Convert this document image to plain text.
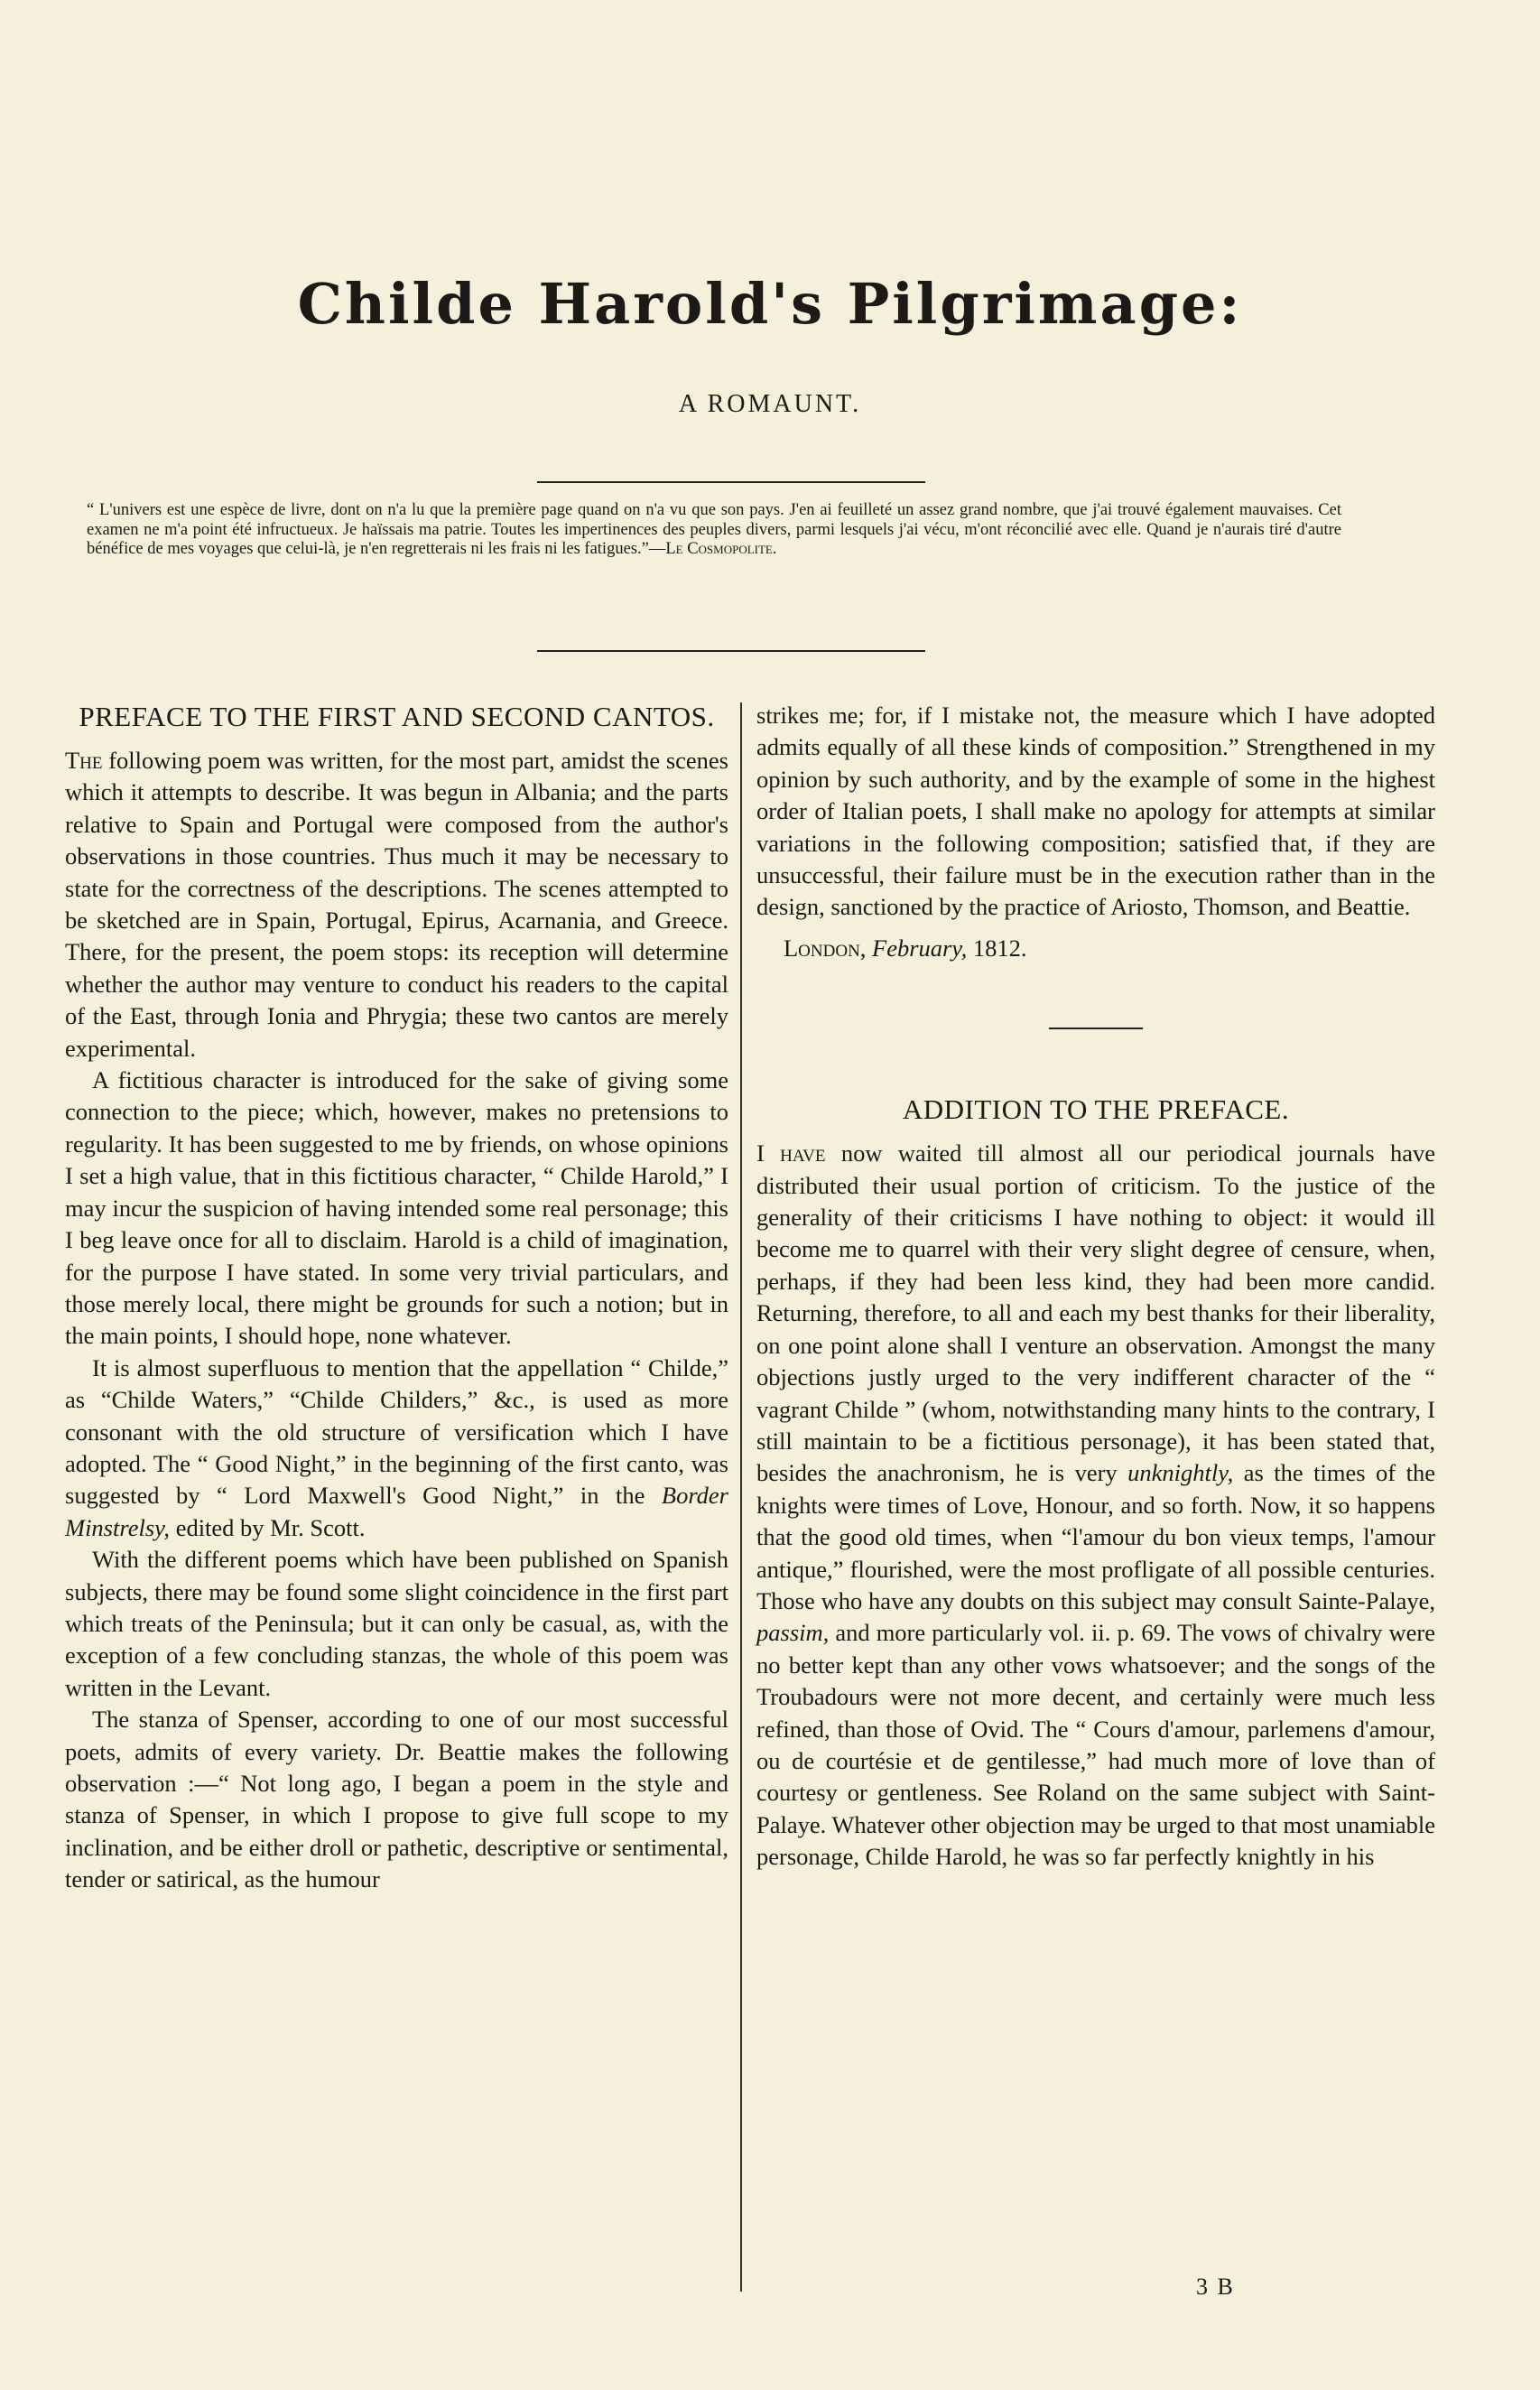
Childe Harold's Pilgrimage:

A ROMAUNT.

“ L'univers est une espèce de livre, dont on n'a lu que la première page quand on n'a vu que son pays. J'en ai feuilleté un assez grand nombre, que j'ai trouvé également mauvaises. Cet examen ne m'a point été infructueux. Je haïssais ma patrie. Toutes les impertinences des peuples divers, parmi lesquels j'ai vécu, m'ont réconcilié avec elle. Quand je n'aurais tiré d'autre bénéfice de mes voyages que celui-là, je n'en regretterais ni les frais ni les fatigues.”—Le Cosmopolite.

PREFACE TO THE FIRST AND SECOND CANTOS.

The following poem was written, for the most part, amidst the scenes which it attempts to describe. It was begun in Albania; and the parts relative to Spain and Portugal were composed from the author's observations in those countries. Thus much it may be necessary to state for the correctness of the descriptions. The scenes attempted to be sketched are in Spain, Portugal, Epirus, Acarnania, and Greece. There, for the present, the poem stops: its reception will determine whether the author may venture to conduct his readers to the capital of the East, through Ionia and Phrygia; these two cantos are merely experimental.

A fictitious character is introduced for the sake of giving some connection to the piece; which, however, makes no pretensions to regularity. It has been suggested to me by friends, on whose opinions I set a high value, that in this fictitious character, “ Childe Harold,” I may incur the suspicion of having intended some real personage; this I beg leave once for all to disclaim. Harold is a child of imagination, for the purpose I have stated. In some very trivial particulars, and those merely local, there might be grounds for such a notion; but in the main points, I should hope, none whatever.

It is almost superfluous to mention that the appellation “ Childe,” as “Childe Waters,” “Childe Childers,” &c., is used as more consonant with the old structure of versification which I have adopted. The “ Good Night,” in the beginning of the first canto, was suggested by “ Lord Maxwell's Good Night,” in the Border Minstrelsy, edited by Mr. Scott.

With the different poems which have been published on Spanish subjects, there may be found some slight coincidence in the first part which treats of the Peninsula; but it can only be casual, as, with the exception of a few concluding stanzas, the whole of this poem was written in the Levant.

The stanza of Spenser, according to one of our most successful poets, admits of every variety. Dr. Beattie makes the following observation :—“ Not long ago, I began a poem in the style and stanza of Spenser, in which I propose to give full scope to my inclination, and be either droll or pathetic, descriptive or sentimental, tender or satirical, as the humour

strikes me; for, if I mistake not, the measure which I have adopted admits equally of all these kinds of composition.” Strengthened in my opinion by such authority, and by the example of some in the highest order of Italian poets, I shall make no apology for attempts at similar variations in the following composition; satisfied that, if they are unsuccessful, their failure must be in the execution rather than in the design, sanctioned by the practice of Ariosto, Thomson, and Beattie.

London, February, 1812.

ADDITION TO THE PREFACE.

I have now waited till almost all our periodical journals have distributed their usual portion of criticism. To the justice of the generality of their criticisms I have nothing to object: it would ill become me to quarrel with their very slight degree of censure, when, perhaps, if they had been less kind, they had been more candid. Returning, therefore, to all and each my best thanks for their liberality, on one point alone shall I venture an observation. Amongst the many objections justly urged to the very indifferent character of the “ vagrant Childe ” (whom, notwithstanding many hints to the contrary, I still maintain to be a fictitious personage), it has been stated that, besides the anachronism, he is very unknightly, as the times of the knights were times of Love, Honour, and so forth. Now, it so happens that the good old times, when “l'amour du bon vieux temps, l'amour antique,” flourished, were the most profligate of all possible centuries. Those who have any doubts on this subject may consult Sainte-Palaye, passim, and more particularly vol. ii. p. 69. The vows of chivalry were no better kept than any other vows whatsoever; and the songs of the Troubadours were not more decent, and certainly were much less refined, than those of Ovid. The “ Cours d'amour, parlemens d'amour, ou de courtésie et de gentilesse,” had much more of love than of courtesy or gentleness. See Roland on the same subject with Saint-Palaye. Whatever other objection may be urged to that most unamiable personage, Childe Harold, he was so far perfectly knightly in his

3 B
